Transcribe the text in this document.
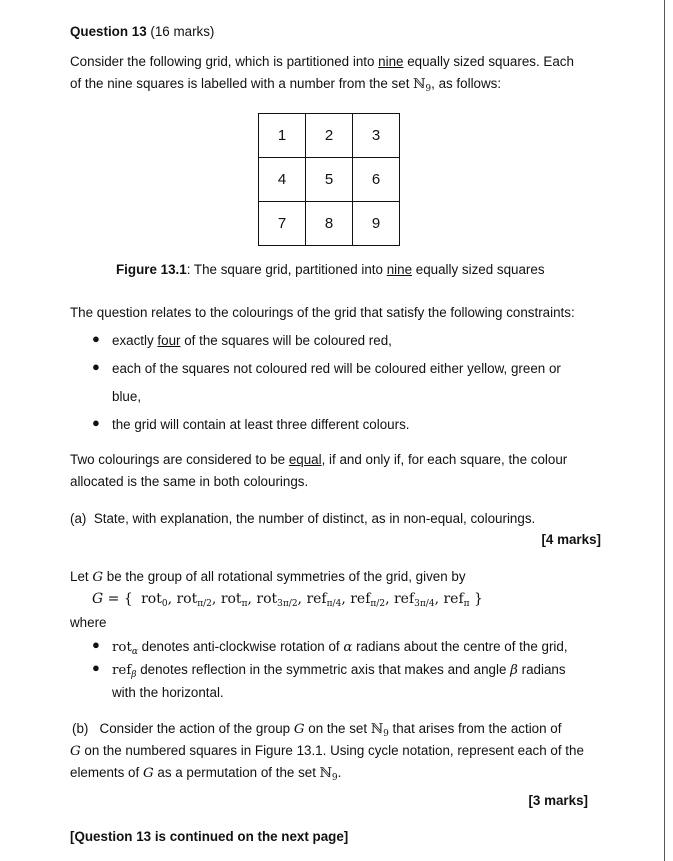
Question 13 (16 marks)
Consider the following grid, which is partitioned into nine equally sized squares. Each
of the nine squares is labelled with a number from the set ℕ$_9$, as follows:
1	2	3
4	5	6
7	8	9
Figure 13.1: The square grid, partitioned into nine equally sized squares
The question relates to the colourings of the grid that satisfy the following constraints:
● exactly four of the squares will be coloured red,
● each of the squares not coloured red will be coloured either yellow, green or
blue,
● the grid will contain at least three different colours.
Two colourings are considered to be equal, if and only if, for each square, the colour
allocated is the same in both colourings.
(a) State, with explanation, the number of distinct, as in non-equal, colourings.
[4 marks]
Let G be the group of all rotational symmetries of the grid, given by
G = {  rot$_0$, rot$_{\pi/2}$, rot$_\pi$, rot$_{3\pi/2}$, ref$_{\pi/4}$, ref$_{\pi/2}$, ref$_{3\pi/4}$, ref$_\pi$ }
where
● rot$_\alpha$ denotes anti-clockwise rotation of α radians about the centre of the grid,
● ref$_\beta$ denotes reflection in the symmetric axis that makes and angle β radians
with the horizontal.
(b) Consider the action of the group G on the set ℕ$_9$ that arises from the action of
G on the numbered squares in Figure 13.1. Using cycle notation, represent each of the
elements of G as a permutation of the set ℕ$_9$.
[3 marks]
[Question 13 is continued on the next page]
